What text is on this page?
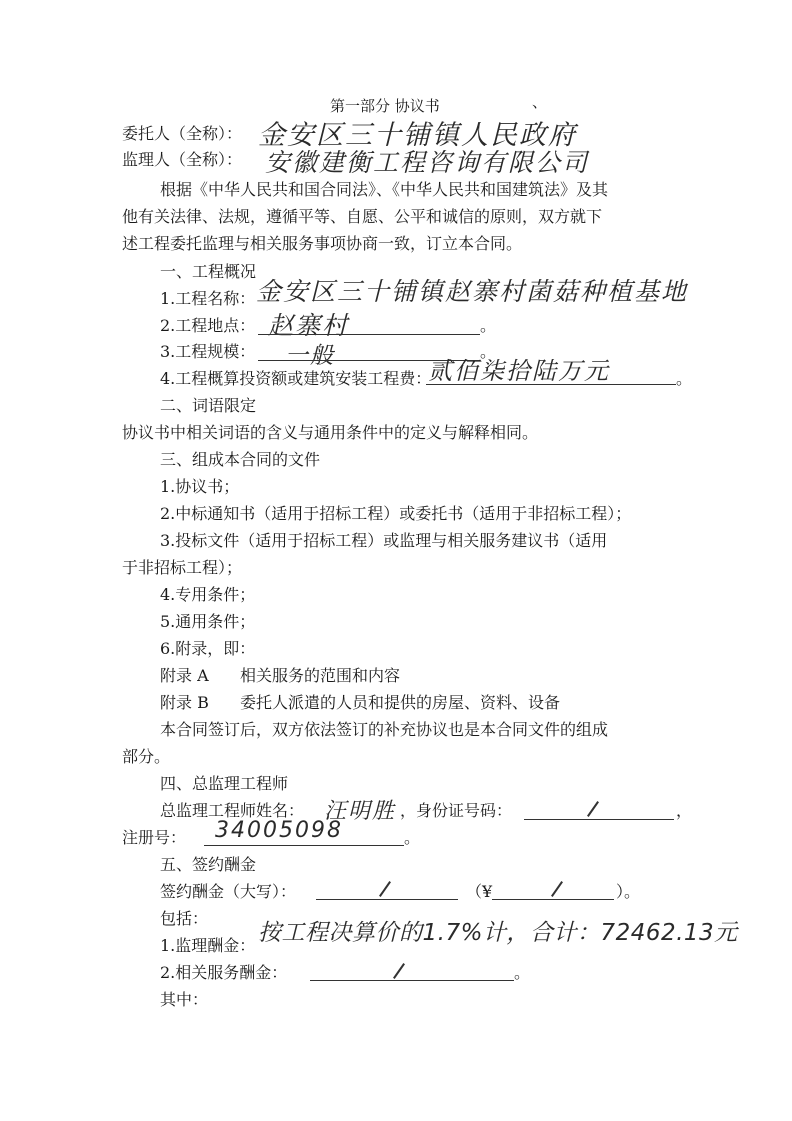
第一部分 协议书	、
委托人（全称）： 金安区三十铺镇人民政府
监理人（全称）： 安徽建衡工程咨询有限公司
根据《中华人民共和国合同法》、《中华人民共和国建筑法》及其
他有关法律、法规，遵循平等、自愿、公平和诚信的原则，双方就下
述工程委托监理与相关服务事项协商一致，订立本合同。
一、工程概况
1.工程名称： 金安区三十铺镇赵寨村菌菇种植基地
2.工程地点： 赵寨村	。
3.工程规模： 一般	。
4.工程概算投资额或建筑安装工程费：
贰佰柒拾陆万元	。
二、词语限定
协议书中相关词语的含义与通用条件中的定义与解释相同。
三、组成本合同的文件
1.协议书；
2.中标通知书（适用于招标工程）或委托书（适用于非招标工程）；
3.投标文件（适用于招标工程）或监理与相关服务建议书（适用
于非招标工程）；
4.专用条件；
5.通用条件；
6.附录，即：
附录 A 相关服务的范围和内容
附录 B 委托人派遣的人员和提供的房屋、资料、设备
本合同签订后，双方依法签订的补充协议也是本合同文件的组成
部分。
四、总监理工程师
总监理工程师姓名： 汪明胜 ，身份证号码：	，
注册号： 34005098	。
五、签约酬金
签约酬金（大写）：	（¥	）。
包括：
1.监理酬金： 按工程决算价的1.7%计，合计：72462.13元
2.相关服务酬金：	。
其中：
